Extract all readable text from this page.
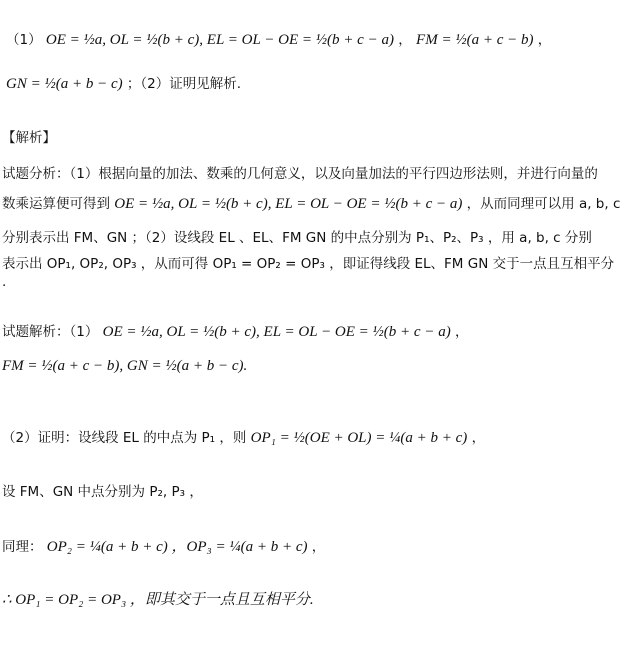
（1） OE = ½a, OL = ½(b + c), EL = OL − OE = ½(b + c − a) ， FM = ½(a + c − b) ，
GN = ½(a + b − c) ；（2）证明见解析.
【解析】
试题分析：（1）根据向量的加法、数乘的几何意义，以及向量加法的平行四边形法则，并进行向量的
数乘运算便可得到 OE = ½a, OL = ½(b + c), EL = OL − OE = ½(b + c − a) ，从而同理可以用 a, b, c
分别表示出 FM、GN ；（2）设线段 EL 、EL、FM GN 的中点分别为 P₁、P₂、P₃ ，用 a, b, c 分别
表示出 OP₁, OP₂, OP₃ ，从而可得 OP₁ = OP₂ = OP₃ ，即证得线段 EL、FM GN 交于一点且互相平分
.
试题解析：（1） OE = ½a, OL = ½(b + c), EL = OL − OE = ½(b + c − a) ，
FM = ½(a + c − b), GN = ½(a + b − c).
（2）证明：设线段 EL 的中点为 P₁ ，则 OP₁ = ½(OE + OL) = ¼(a + b + c) ，
设 FM、GN 中点分别为 P₂, P₃ ，
同理： OP₂ = ¼(a + b + c) ，OP₃ = ¼(a + b + c) ，
∴ OP₁ = OP₂ = OP₃ ，即其交于一点且互相平分.
